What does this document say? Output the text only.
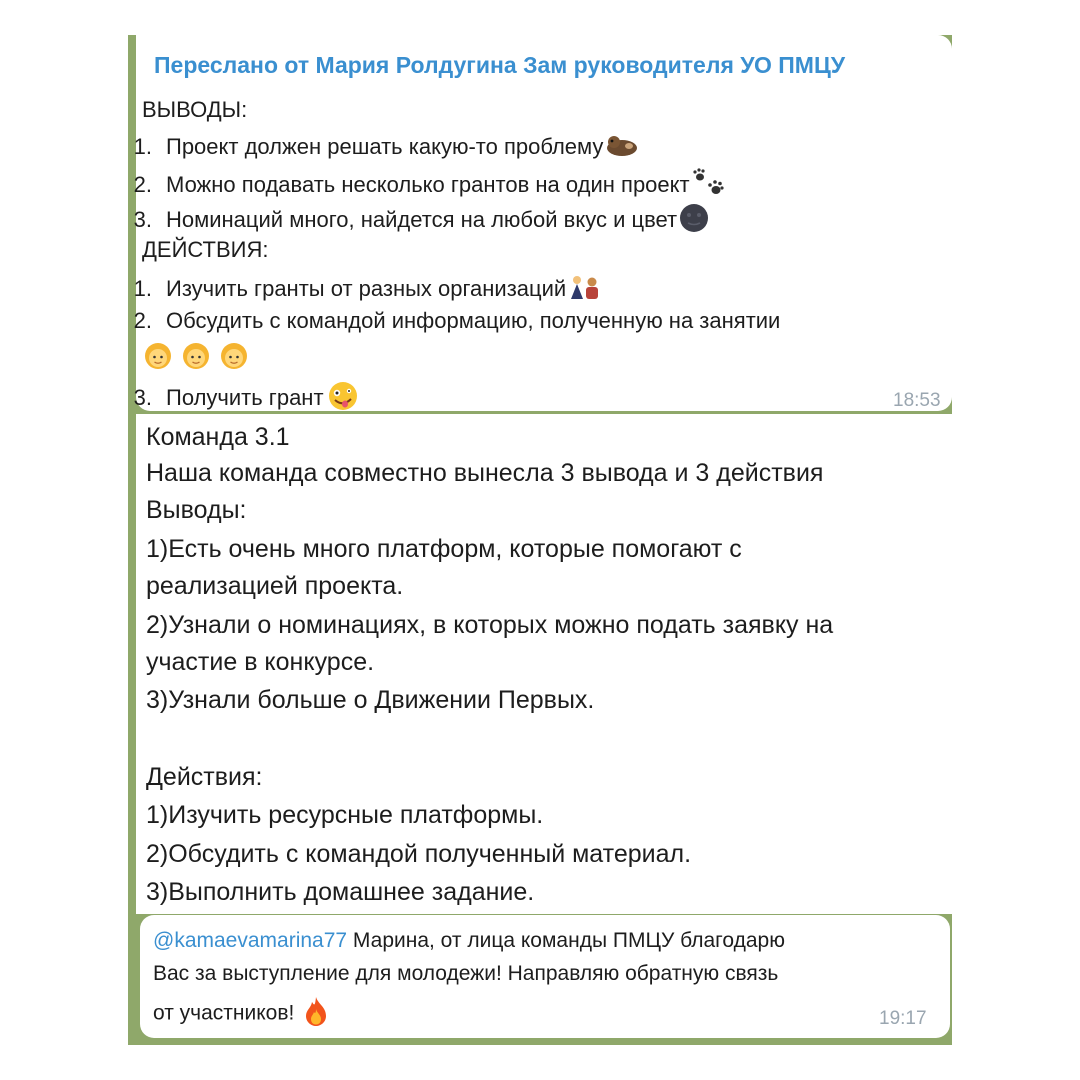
Переслано от Мария Ролдугина Зам руководителя УО ПМЦУ
ВЫВОДЫ:
1. Проект должен решать какую-то проблему
2. Можно подавать несколько грантов на один проект
3. Номинаций много, найдется на любой вкус и цвет
ДЕЙСТВИЯ:
1. Изучить гранты от разных организаций
2. Обсудить с командой информацию, полученную на занятии
3. Получить грант	18:53
Команда 3.1
Наша команда совместно вынесла 3 вывода и 3 действия
Выводы:
1)Есть очень много платформ, которые помогают с
реализацией проекта.
2)Узнали о номинациях, в которых можно подать заявку на
участие в конкурсе.
3)Узнали больше о Движении Первых.
Действия:
1)Изучить ресурсные платформы.
2)Обсудить с командой полученный материал.
3)Выполнить домашнее задание.
@kamaevamarina77 Марина, от лица команды ПМЦУ благодарю
Вас за выступление для молодежи! Направляю обратную связь
от участников!	19:17
